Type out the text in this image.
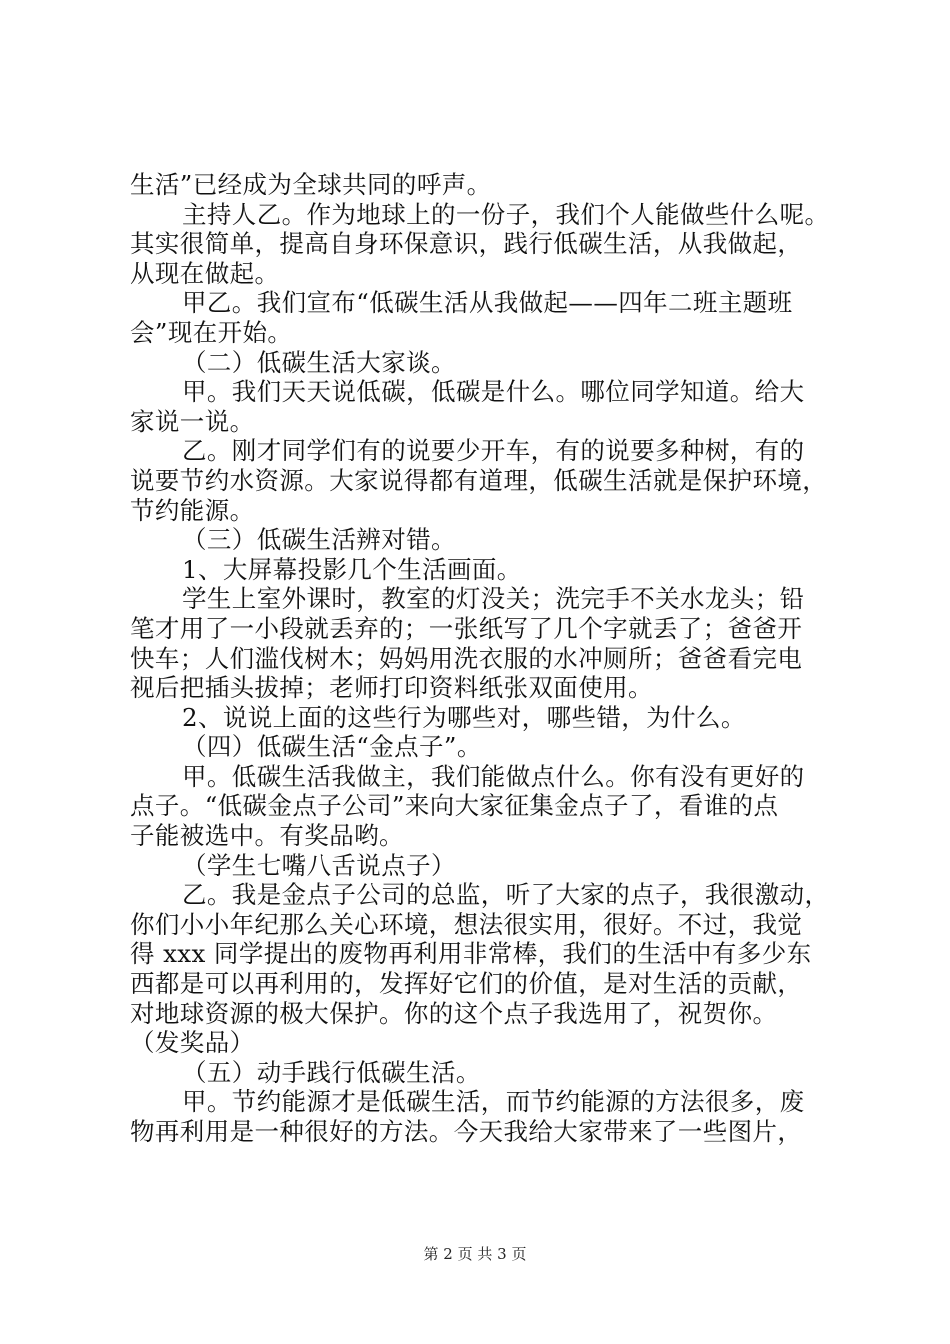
生活”已经成为全球共同的呼声。
主持人乙。作为地球上的一份子，我们个人能做些什么呢。
其实很简单，提高自身环保意识，践行低碳生活，从我做起，
从现在做起。
甲乙。我们宣布“低碳生活从我做起——四年二班主题班
会”现在开始。
（二）低碳生活大家谈。
甲。我们天天说低碳，低碳是什么。哪位同学知道。给大
家说一说。
乙。刚才同学们有的说要少开车，有的说要多种树，有的
说要节约水资源。大家说得都有道理，低碳生活就是保护环境，
节约能源。
（三）低碳生活辨对错。
1、大屏幕投影几个生活画面。
学生上室外课时，教室的灯没关；洗完手不关水龙头；铅
笔才用了一小段就丢弃的；一张纸写了几个字就丢了；爸爸开
快车；人们滥伐树木；妈妈用洗衣服的水冲厕所；爸爸看完电
视后把插头拔掉；老师打印资料纸张双面使用。
2、说说上面的这些行为哪些对，哪些错，为什么。
（四）低碳生活“金点子”。
甲。低碳生活我做主，我们能做点什么。你有没有更好的
点子。“低碳金点子公司”来向大家征集金点子了，看谁的点
子能被选中。有奖品哟。
（学生七嘴八舌说点子）
乙。我是金点子公司的总监，听了大家的点子，我很激动，
你们小小年纪那么关心环境，想法很实用，很好。不过，我觉
得 xxx 同学提出的废物再利用非常棒，我们的生活中有多少东
西都是可以再利用的，发挥好它们的价值，是对生活的贡献，
对地球资源的极大保护。你的这个点子我选用了，祝贺你。
（发奖品）
（五）动手践行低碳生活。
甲。节约能源才是低碳生活，而节约能源的方法很多，废
物再利用是一种很好的方法。今天我给大家带来了一些图片，
第 2 页 共 3 页
